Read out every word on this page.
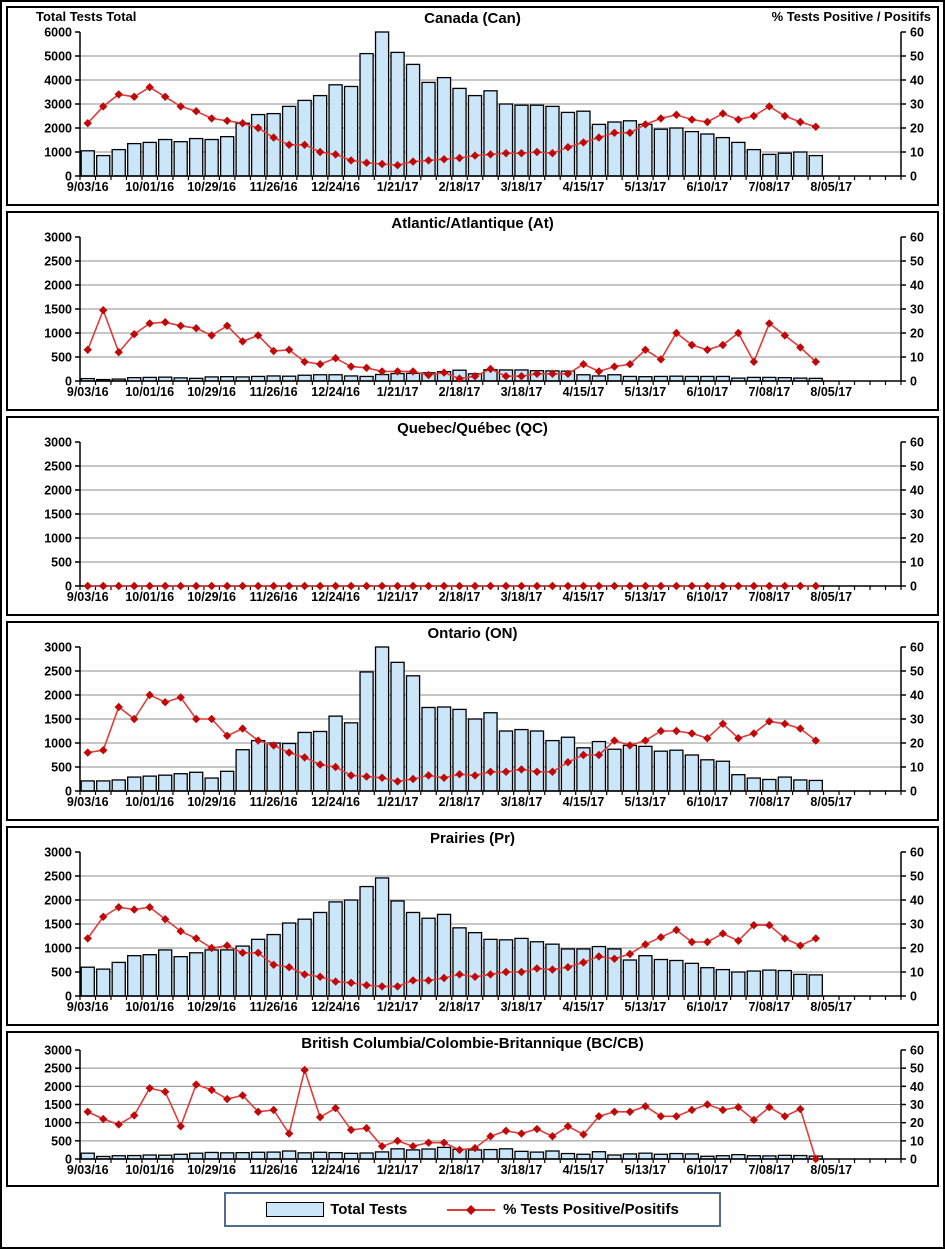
Total Tests Total	% Tests Positive / Positifs
Canada (Can)
0
1000
2000
3000
4000
5000
6000
0
10
20
30
40
50
60
9/03/16 10/01/16 10/29/16 11/26/16 12/24/16 1/21/17 2/18/17 3/18/17 4/15/17 5/13/17 6/10/17 7/08/17 8/05/17
Atlantic/Atlantique (At)
0
500
1000
1500
2000
2500
3000
0
10
20
30
40
50
60
9/03/16 10/01/16 10/29/16 11/26/16 12/24/16 1/21/17 2/18/17 3/18/17 4/15/17 5/13/17 6/10/17 7/08/17 8/05/17
Quebec/Québec (QC)
0
500
1000
1500
2000
2500
3000
0
10
20
30
40
50
60
9/03/16 10/01/16 10/29/16 11/26/16 12/24/16 1/21/17 2/18/17 3/18/17 4/15/17 5/13/17 6/10/17 7/08/17 8/05/17
Ontario (ON)
0
500
1000
1500
2000
2500
3000
0
10
20
30
40
50
60
9/03/16 10/01/16 10/29/16 11/26/16 12/24/16 1/21/17 2/18/17 3/18/17 4/15/17 5/13/17 6/10/17 7/08/17 8/05/17
Prairies (Pr)
0
500
1000
1500
2000
2500
3000
0
10
20
30
40
50
60
9/03/16 10/01/16 10/29/16 11/26/16 12/24/16 1/21/17 2/18/17 3/18/17 4/15/17 5/13/17 6/10/17 7/08/17 8/05/17
British Columbia/Colombie-Britannique (BC/CB)
0
500
1000
1500
2000
2500
3000
0
10
20
30
40
50
60
9/03/16 10/01/16 10/29/16 11/26/16 12/24/16 1/21/17 2/18/17 3/18/17 4/15/17 5/13/17 6/10/17 7/08/17 8/05/17
Total Tests	% Tests Positive/Positifs
